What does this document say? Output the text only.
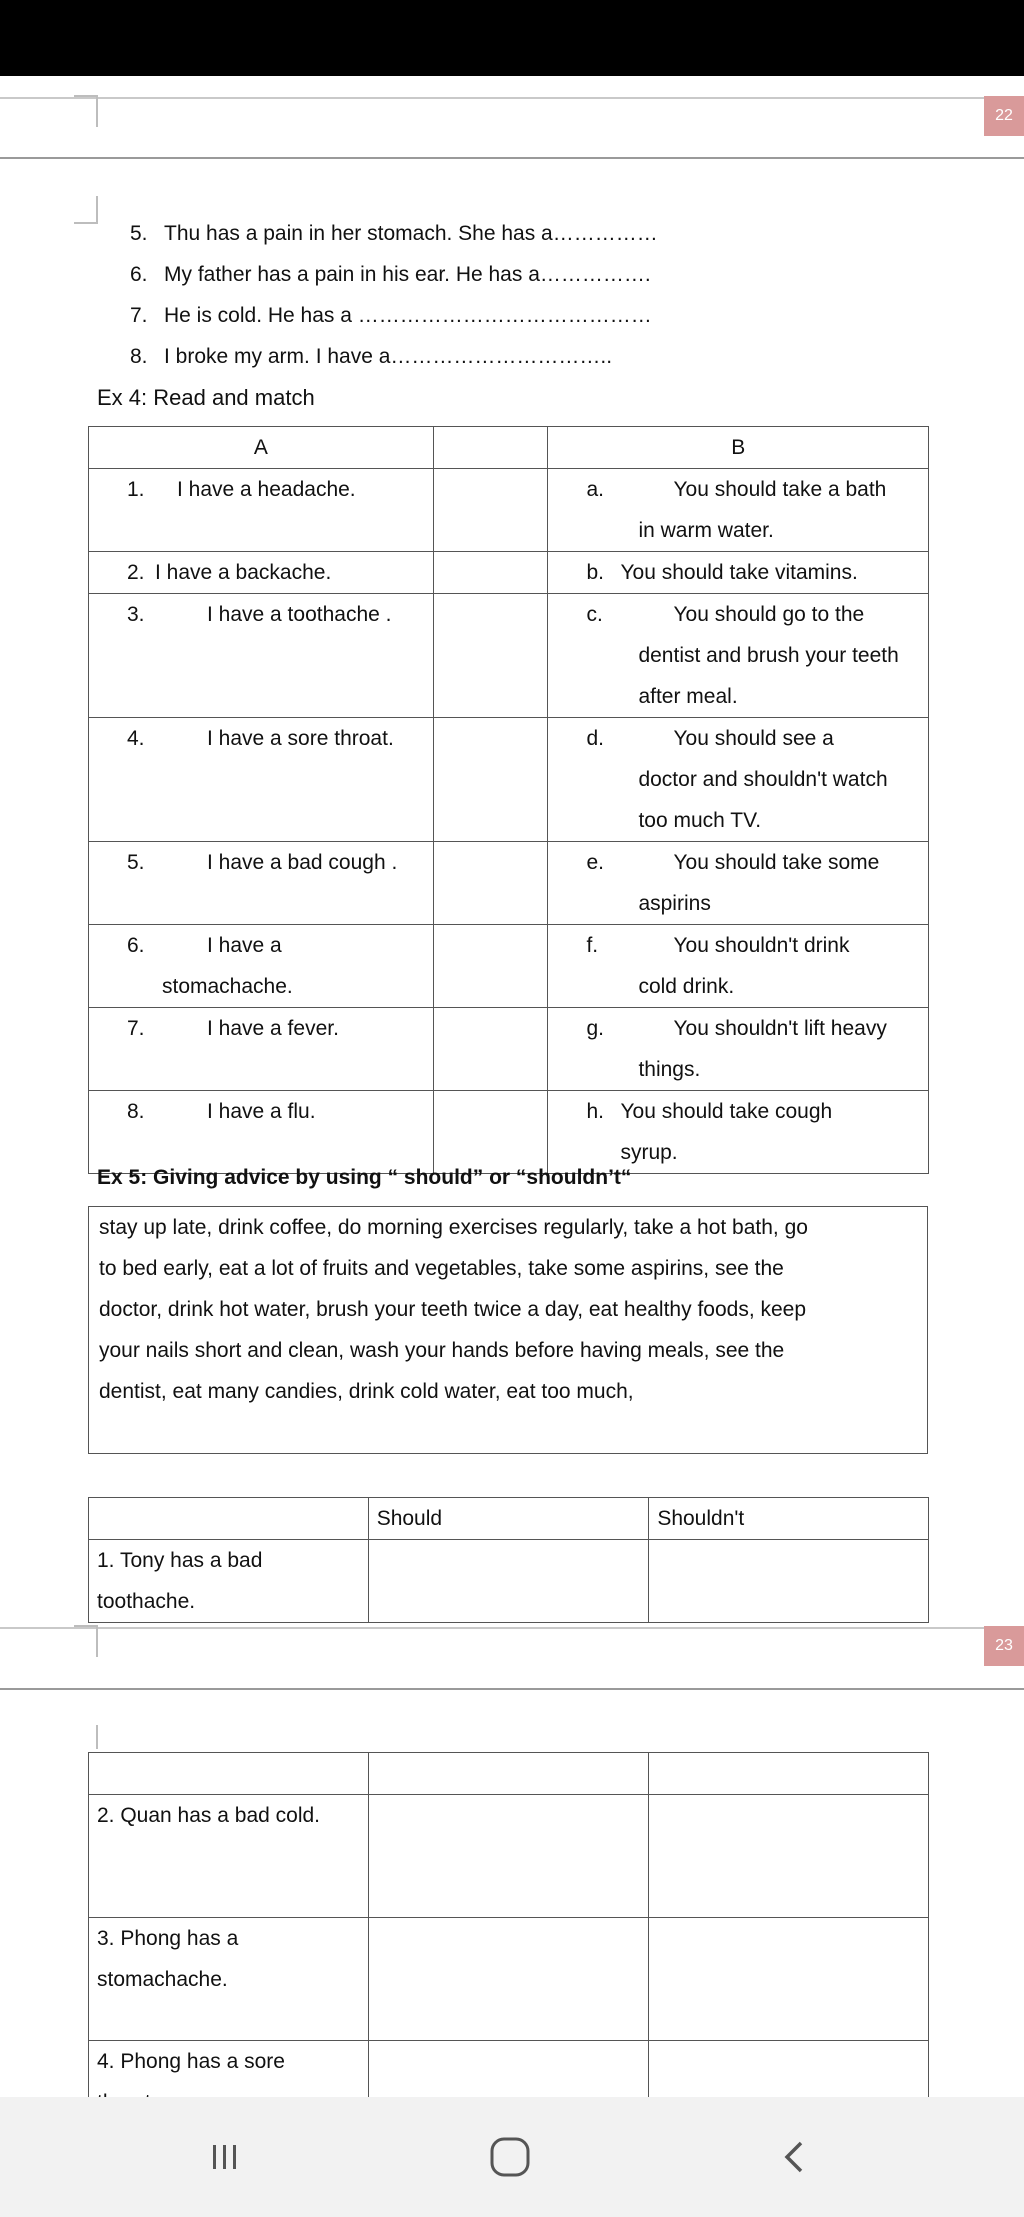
22
5. Thu has a pain in her stomach. She has a……………
6. My father has a pain in his ear. He has a…………….
7. He is cold. He has a ……………………………………
8. I broke my arm. I have a…………………………..
Ex 4: Read and match
A		B
1. I have a headache.		a. You should take a bath
in warm water.
2. I have a backache.		b. You should take vitamins.
3. I have a toothache .		c. You should go to the
dentist and brush your teeth
after meal.
4. I have a sore throat.		d. You should see a
doctor and shouldn't watch
too much TV.
5. I have a bad cough .		e. You should take some
aspirins
6. I have a
stomachache.		f. You shouldn't drink
cold drink.
7. I have a fever.		g. You shouldn't lift heavy
things.
8. I have a flu.		h. You should take cough
syrup.
Ex 5: Giving advice by using “ should” or “shouldn’t“
stay up late, drink coffee, do morning exercises regularly, take a hot bath, go
to bed early, eat a lot of fruits and vegetables, take some aspirins, see the
doctor, drink hot water, brush your teeth twice a day, eat healthy foods, keep
your nails short and clean, wash your hands before having meals, see the
dentist, eat many candies, drink cold water, eat too much,
	Should	Shouldn't
1. Tony has a bad
toothache.		
23

2. Quan has a bad cold.		
3. Phong has a
stomachache.		
4. Phong has a sore
